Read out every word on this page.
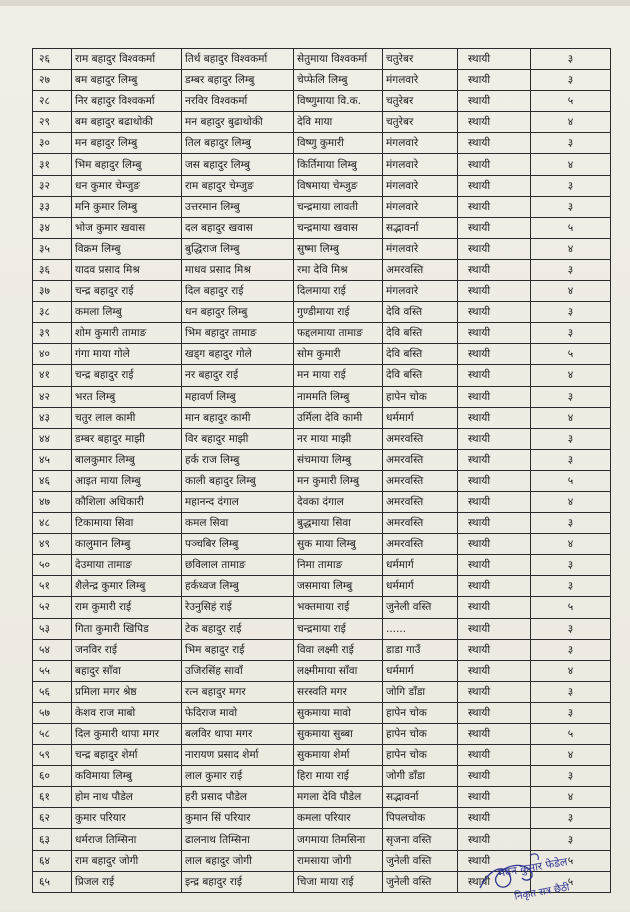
२६	राम बहादुर विश्वकर्मा	तिर्थ बहादुर विश्वकर्मा	सेतुमाया विश्वकर्मा	चतुरेबर	स्थायी	३
२७	बम बहादुर लिम्बु	डम्बर बहादुर लिम्बु	चेप्फेलि लिम्बु	मंगलवारे	स्थायी	३
२८	निर बहादुर विश्वकर्मा	नरविर विश्वकर्मा	विष्णुमाया वि.क.	चतुरेबर	स्थायी	५
२९	बम बहादुर बढाथोकी	मन बहादुर बुढाथोकी	देवि माया	चतुरेबर	स्थायी	४
३०	मन बहादुर लिम्बु	तिल बहादुर लिम्बु	विष्णु कुमारी	मंगलवारे	स्थायी	३
३१	भिम बहादुर लिम्बु	जस बहादुर लिम्बु	किर्तिमाया लिम्बु	मंगलवारे	स्थायी	४
३२	धन कुमार चेम्जुङ	राम बहादुर चेम्जुङ	विषमाया चेम्जुङ	मंगलवारे	स्थायी	३
३३	मनि कुमार लिम्बु	उत्तरमान लिम्बु	चन्द्रमाया लावती	मंगलवारे	स्थायी	३
३४	भोज कुमार खवास	दल बहादुर खवास	चन्द्रमाया खवास	सद्भावर्ना	स्थायी	५
३५	विक्रम लिम्बु	बुद्धिराज लिम्बु	सुष्मा लिम्बु	मंगलवारे	स्थायी	४
३६	यादव प्रसाद मिश्र	माधव प्रसाद मिश्र	रमा देवि मिश्र	अमरवस्ति	स्थायी	३
३७	चन्द्र बहादुर राई	दिल बहादुर राई	दिलमाया राई	मंगलवारे	स्थायी	४
३८	कमला लिम्बु	धन बहादुर लिम्बु	गुण्डीमाया राई	देवि वस्ति	स्थायी	३
३९	शोम कुमारी तामाङ	भिम बहादुर तामाङ	फद्दलमाया तामाङ	देवि बस्ति	स्थायी	३
४०	गंगा माया गोले	खड्ग बहादुर गोले	सोम कुमारी	देवि बस्ति	स्थायी	५
४१	चन्द्र बहादुर राई	नर बहादुर राई	मन माया राई	देवि बस्ति	स्थायी	४
४२	भरत लिम्बु	महावर्ण लिम्बु	नाममति लिम्बु	हापेन चोक	स्थायी	३
४३	चतुर लाल कामी	मान बहादुर कामी	उर्मिला देवि कामी	धर्ममार्ग	स्थायी	४
४४	डम्बर बहादुर माझी	विर बहादुर माझी	नर माया माझी	अमरवस्ति	स्थायी	३
४५	बालकुमार लिम्बु	हर्क राज लिम्बु	संचमाया लिम्बु	अमरवस्ति	स्थायी	३
४६	आइत माया लिम्बु	काली बहादुर लिम्बु	मन कुमारी लिम्बु	अमरवस्ति	स्थायी	५
४७	कौशिला अधिकारी	महानन्द दंगाल	देवका दंगाल	अमरवस्ति	स्थायी	४
४८	टिकामाया सिवा	कमल सिवा	बुद्धमाया सिवा	अमरवस्ति	स्थायी	३
४९	कालुमान लिम्बु	पञ्चबिर लिम्बु	सुक माया लिम्बु	अमरवस्ति	स्थायी	४
५०	देउमाया तामाङ	छविलाल तामाङ	निमा तामाङ	धर्ममार्ग	स्थायी	३
५१	शैलेन्द्र कुमार लिम्बु	हर्कध्वज लिम्बु	जसमाया लिम्बु	धर्ममार्ग	स्थायी	३
५२	राम कुमारी राई	रेउनुसिहं राई	भक्तमाया राई	जुनेली वस्ति	स्थायी	५
५३	गिता कुमारी खिपिड	टेक बहादुर राई	चन्द्रमाया राई	......	स्थायी	३
५४	जनविर राई	भिम बहादुर राई	विवा लक्ष्मी राई	डाडा गाउँ	स्थायी	३
५५	बहादुर साँवा	उजिरसिंह सावाँ	लक्ष्मीमाया साँवा	धर्ममार्ग	स्थायी	४
५६	प्रमिला मगर श्रेष्ठ	रत्न बहादुर मगर	सरस्वति मगर	जोगि डाँडा	स्थायी	३
५७	केशव राज माबो	फेदिराज मावो	सुकमाया मावो	हापेन चोक	स्थायी	३
५८	दिल कुमारी थापा मगर	बलविर थापा मगर	सुकमाया सुब्बा	हापेन चोक	स्थायी	५
५९	चन्द्र बहादुर शेर्मा	नारायण प्रसाद शेर्मा	सुकमाया शेर्मा	हापेन चोक	स्थायी	४
६०	कविमाया लिम्बु	लाल कुमार राई	हिरा माया राई	जोगी डाँडा	स्थायी	३
६१	होम नाथ पौडेल	हरी प्रसाद पौडेल	मगला देवि पौडेल	सद्भावर्ना	स्थायी	४
६२	कुमार परियार	कुमान सिं परियार	कमला परियार	पिपलचोक	स्थायी	३
६३	धर्मराज तिम्सिना	ढालनाथ तिम्सिना	जगमाया तिमसिना	सृजना वस्ति	स्थायी	३
६४	राम बहादुर जोगी	लाल बहादुर जोगी	रामसाया जोगी	जुनेली वस्ति	स्थायी	५
६५	प्रिजल राई	इन्द्र बहादुर राई	चिजा माया राई	जुनेली वस्ति	स्थायी	५
मदन कुमार फेडेल
निकृत सत्र छैठी
